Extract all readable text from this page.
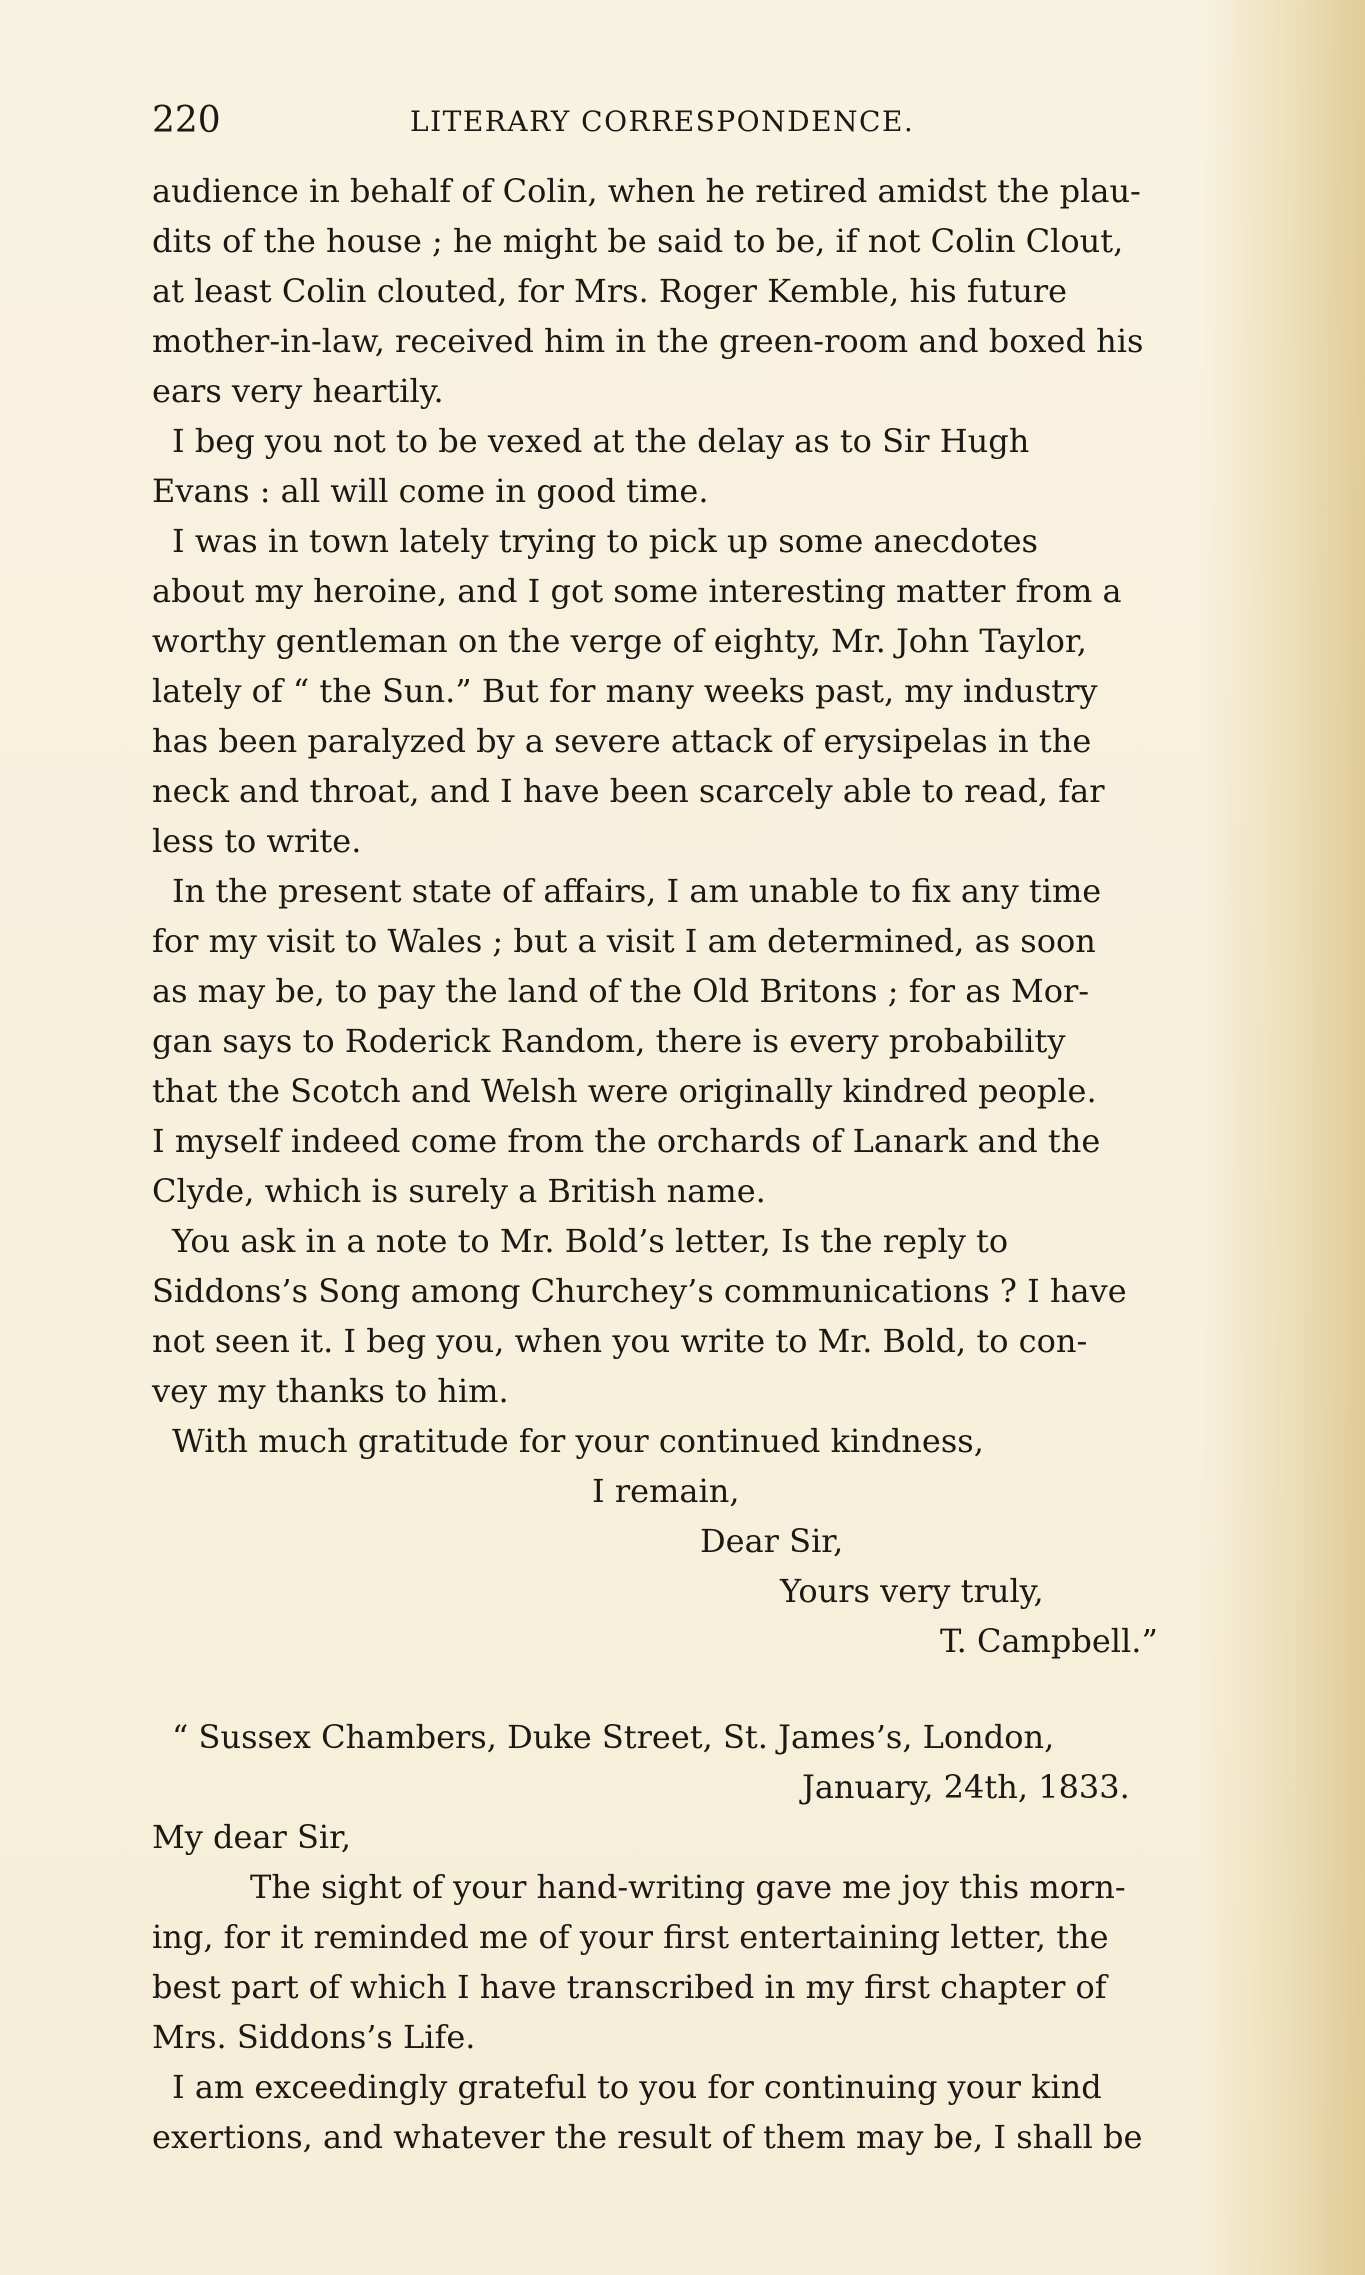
220	LITERARY CORRESPONDENCE.
audience in behalf of Colin, when he retired amidst the plau-
dits of the house ; he might be said to be, if not Colin Clout,
at least Colin clouted, for Mrs. Roger Kemble, his future
mother-in-law, received him in the green-room and boxed his
ears very heartily.
I beg you not to be vexed at the delay as to Sir Hugh
Evans : all will come in good time.
I was in town lately trying to pick up some anecdotes
about my heroine, and I got some interesting matter from a
worthy gentleman on the verge of eighty, Mr. John Taylor,
lately of “ the Sun.” But for many weeks past, my industry
has been paralyzed by a severe attack of erysipelas in the
neck and throat, and I have been scarcely able to read, far
less to write.
In the present state of affairs, I am unable to fix any time
for my visit to Wales ; but a visit I am determined, as soon
as may be, to pay the land of the Old Britons ; for as Mor-
gan says to Roderick Random, there is every probability
that the Scotch and Welsh were originally kindred people.
I myself indeed come from the orchards of Lanark and the
Clyde, which is surely a British name.
You ask in a note to Mr. Bold’s letter, Is the reply to
Siddons’s Song among Churchey’s communications ? I have
not seen it. I beg you, when you write to Mr. Bold, to con-
vey my thanks to him.
With much gratitude for your continued kindness,
I remain,
Dear Sir,
Yours very truly,
T. Campbell.”
“ Sussex Chambers, Duke Street, St. James’s, London,
January, 24th, 1833.
My dear Sir,
The sight of your hand-writing gave me joy this morn-
ing, for it reminded me of your first entertaining letter, the
best part of which I have transcribed in my first chapter of
Mrs. Siddons’s Life.
I am exceedingly grateful to you for continuing your kind
exertions, and whatever the result of them may be, I shall be
